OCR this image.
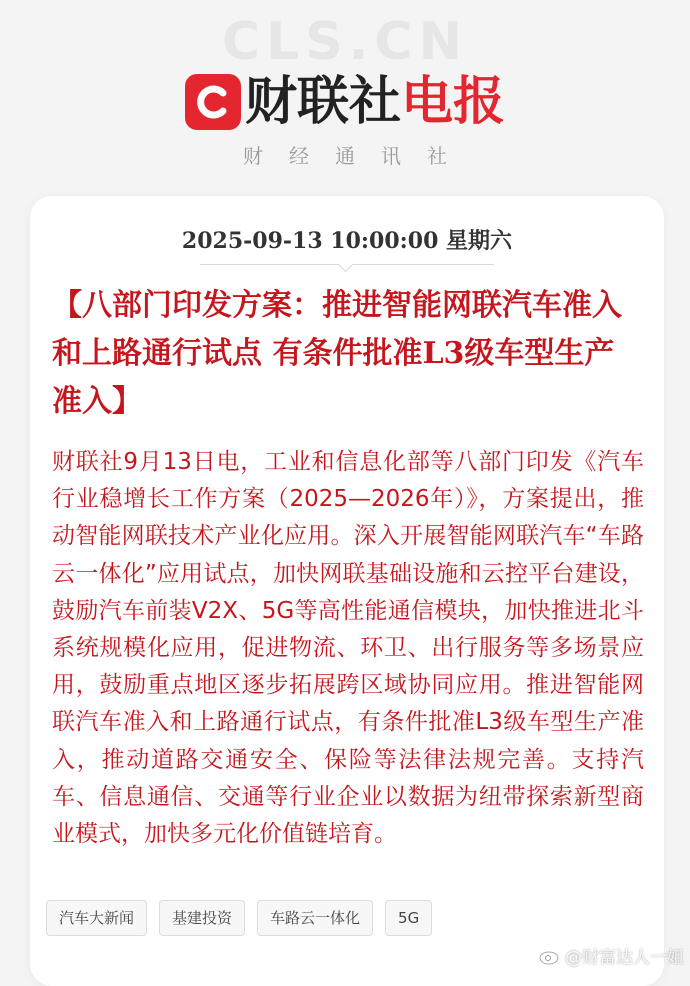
CLS.CN
财联社 电报
财经通讯社
2025-09-13 10:00:00 星期六
【八部门印发方案：推进智能网联汽车准入和上路通行试点 有条件批准L3级车型生产准入】

财联社9月13日电，工业和信息化部等八部门印发《汽车行业稳增长工作方案（2025—2026年）》，方案提出，推动智能网联技术产业化应用。深入开展智能网联汽车“车路云一体化”应用试点，加快网联基础设施和云控平台建设，鼓励汽车前装V2X、5G等高性能通信模块，加快推进北斗系统规模化应用，促进物流、环卫、出行服务等多场景应用，鼓励重点地区逐步拓展跨区域协同应用。推进智能网联汽车准入和上路通行试点，有条件批准L3级车型生产准入，推动道路交通安全、保险等法律法规完善。支持汽车、信息通信、交通等行业企业以数据为纽带探索新型商业模式，加快多元化价值链培育。

汽车大新闻	基建投资	车路云一体化	5G
@财富达人一姐
